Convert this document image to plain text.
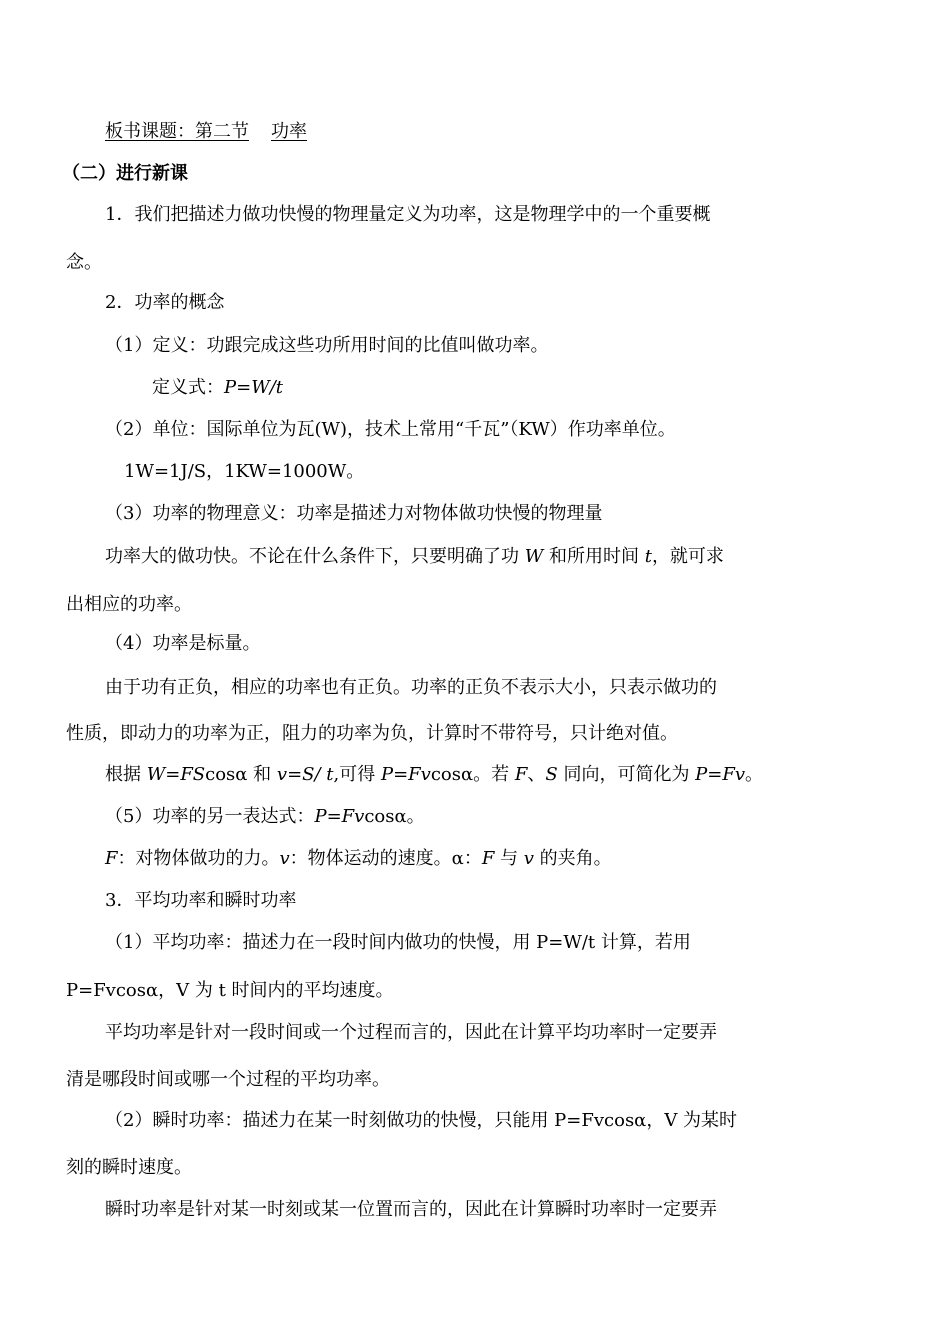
板书课题：第二节 功率
（二）进行新课
1．我们把描述力做功快慢的物理量定义为功率，这是物理学中的一个重要概
念。
2．功率的概念
（1）定义：功跟完成这些功所用时间的比值叫做功率。
定义式：P=W/t
（2）单位：国际单位为瓦(W)，技术上常用“千瓦”（KW）作功率单位。
1W=1J/S，1KW=1000W。
（3）功率的物理意义：功率是描述力对物体做功快慢的物理量
功率大的做功快。不论在什么条件下，只要明确了功 W 和所用时间 t，就可求
出相应的功率。
（4）功率是标量。
由于功有正负，相应的功率也有正负。功率的正负不表示大小，只表示做功的
性质，即动力的功率为正，阻力的功率为负，计算时不带符号，只计绝对值。
根据 W=FScosα 和 v=S/ t,可得 P=Fvcosα。若 F、S 同向，可简化为 P=Fv。
（5）功率的另一表达式：P=Fvcosα。
F：对物体做功的力。v：物体运动的速度。α：F 与 v 的夹角。
3．平均功率和瞬时功率
（1）平均功率：描述力在一段时间内做功的快慢，用 P=W/t 计算，若用
P=Fvcosα，V 为 t 时间内的平均速度。
平均功率是针对一段时间或一个过程而言的，因此在计算平均功率时一定要弄
清是哪段时间或哪一个过程的平均功率。
（2）瞬时功率：描述力在某一时刻做功的快慢，只能用 P=Fvcosα，V 为某时
刻的瞬时速度。
瞬时功率是针对某一时刻或某一位置而言的，因此在计算瞬时功率时一定要弄
